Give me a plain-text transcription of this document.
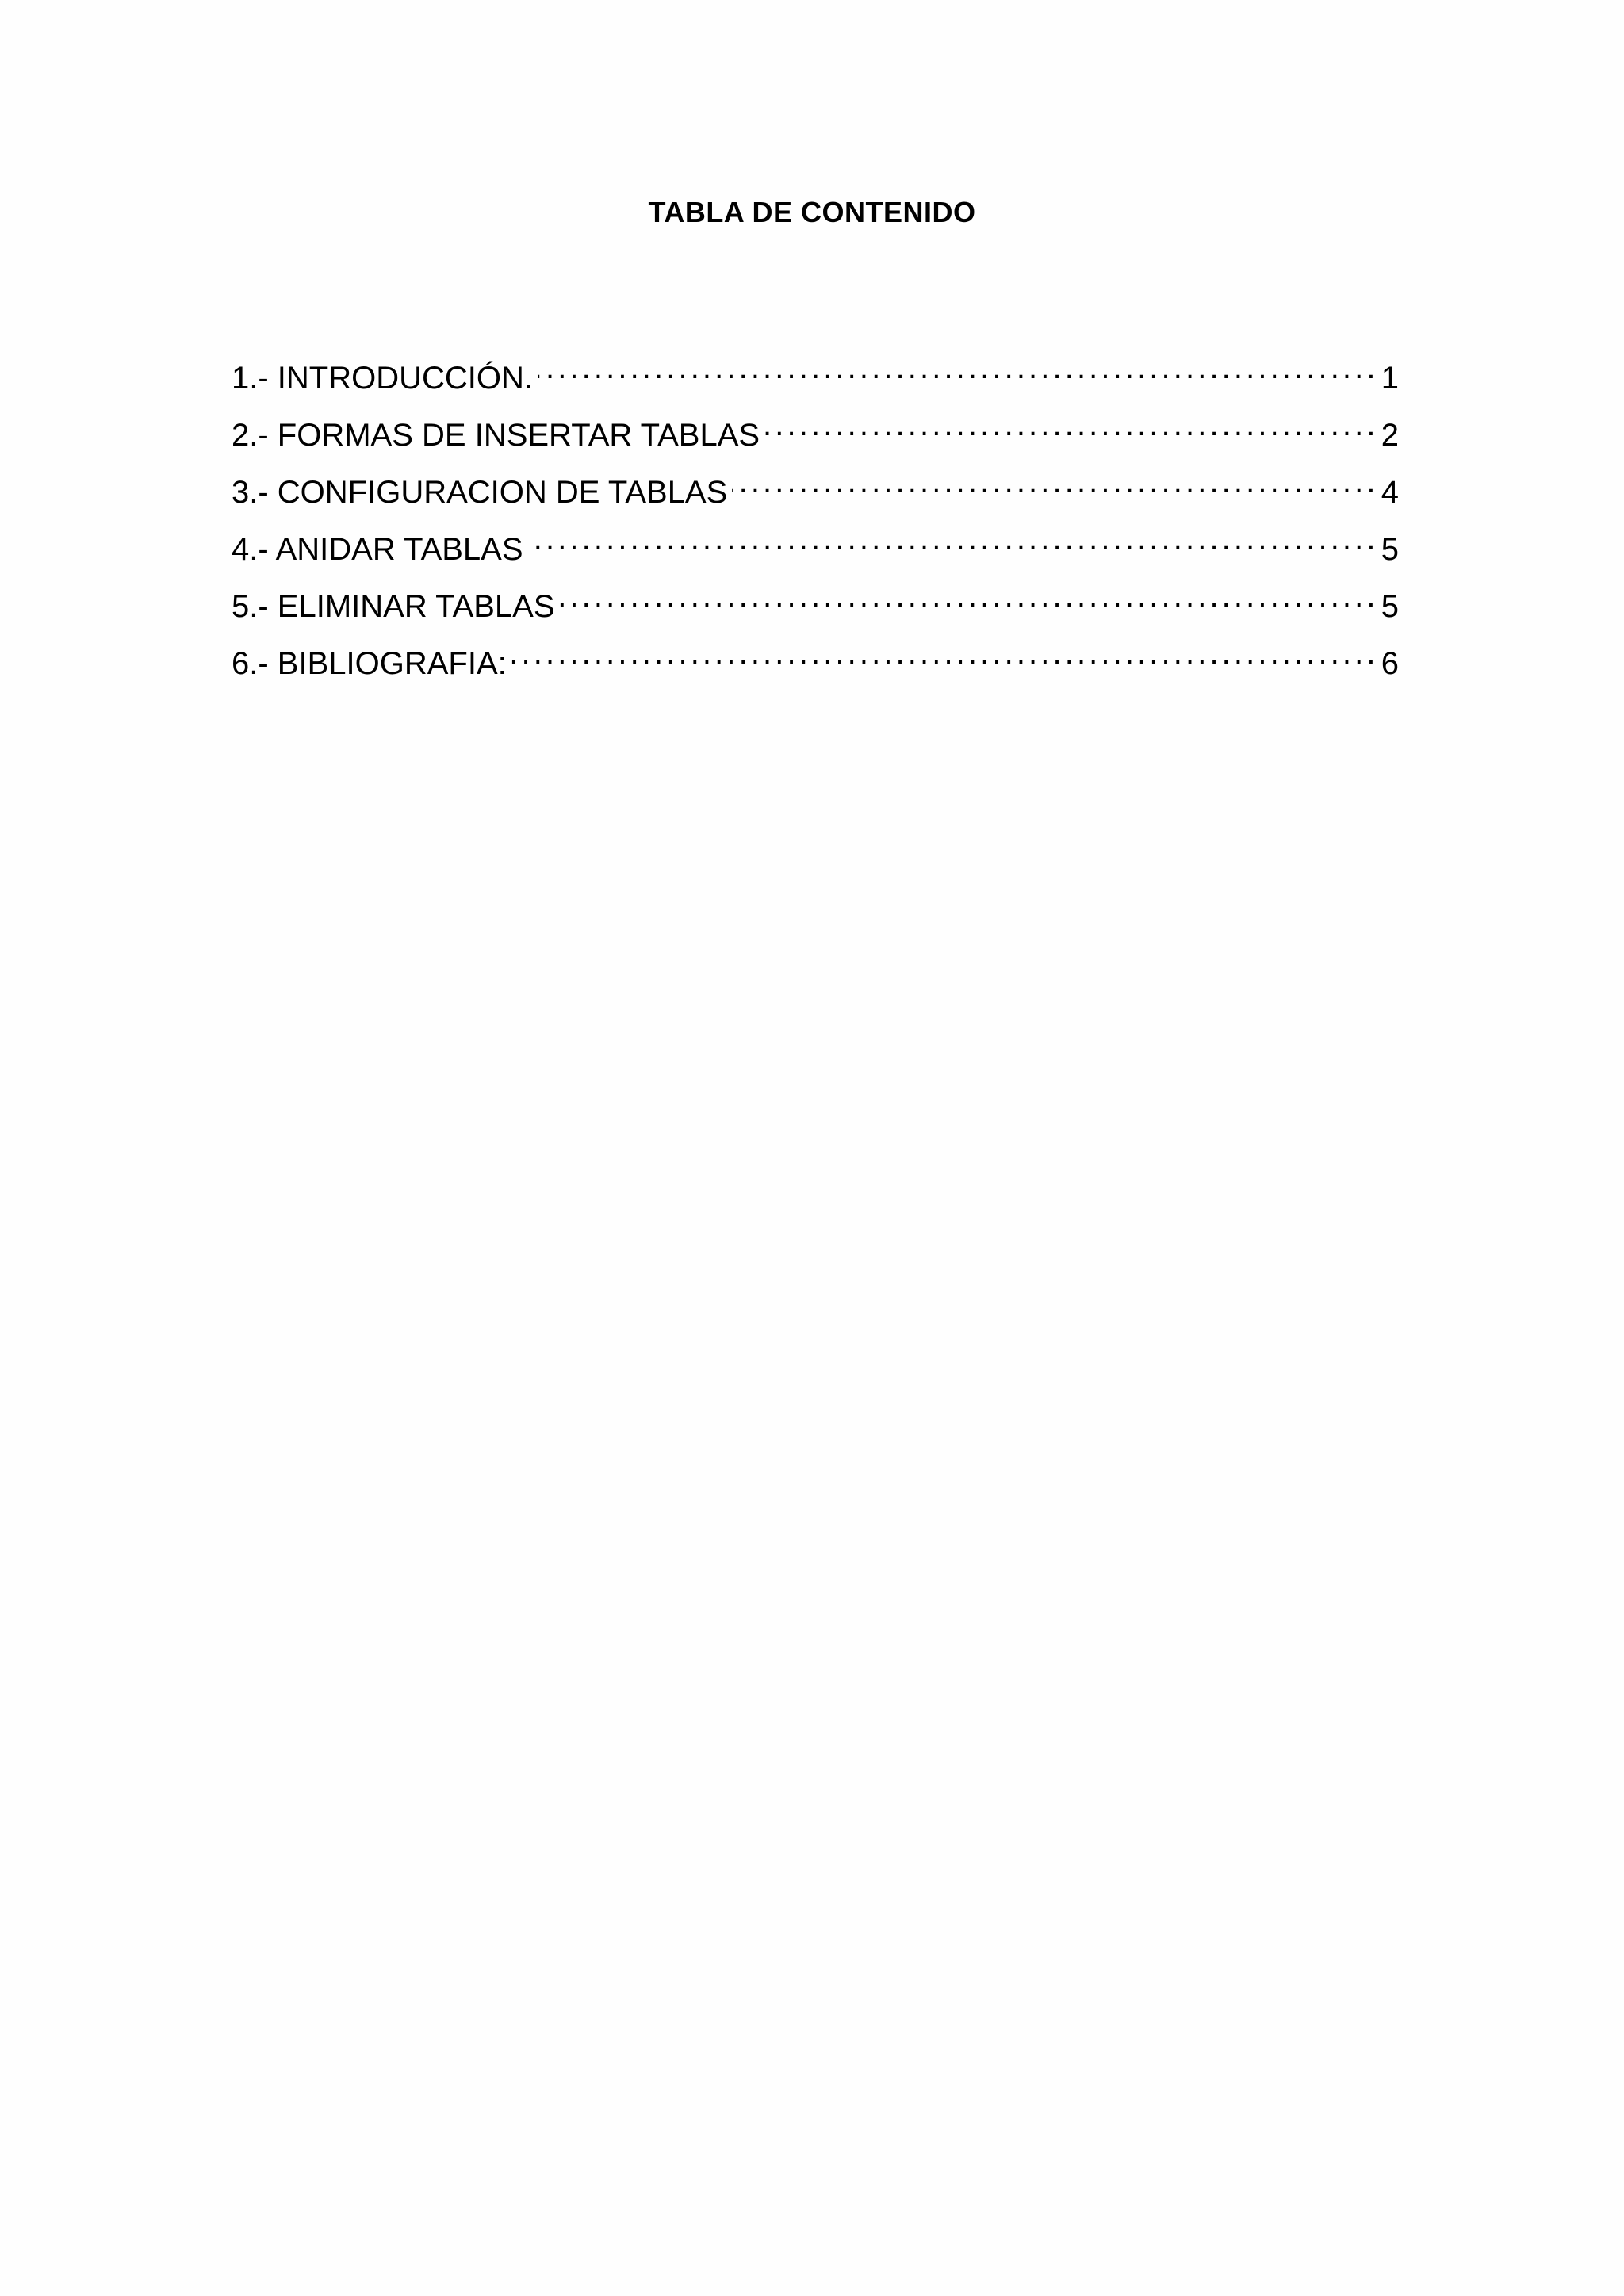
TABLA DE CONTENIDO
1.- INTRODUCCIÓN. . . .	1
2.- FORMAS DE INSERTAR TABLAS . . .	2
3.- CONFIGURACION DE TABLAS . . .	4
4.- ANIDAR TABLAS . . .	5
5.- ELIMINAR TABLAS . . .	5
6.- BIBLIOGRAFIA: . . .	6
